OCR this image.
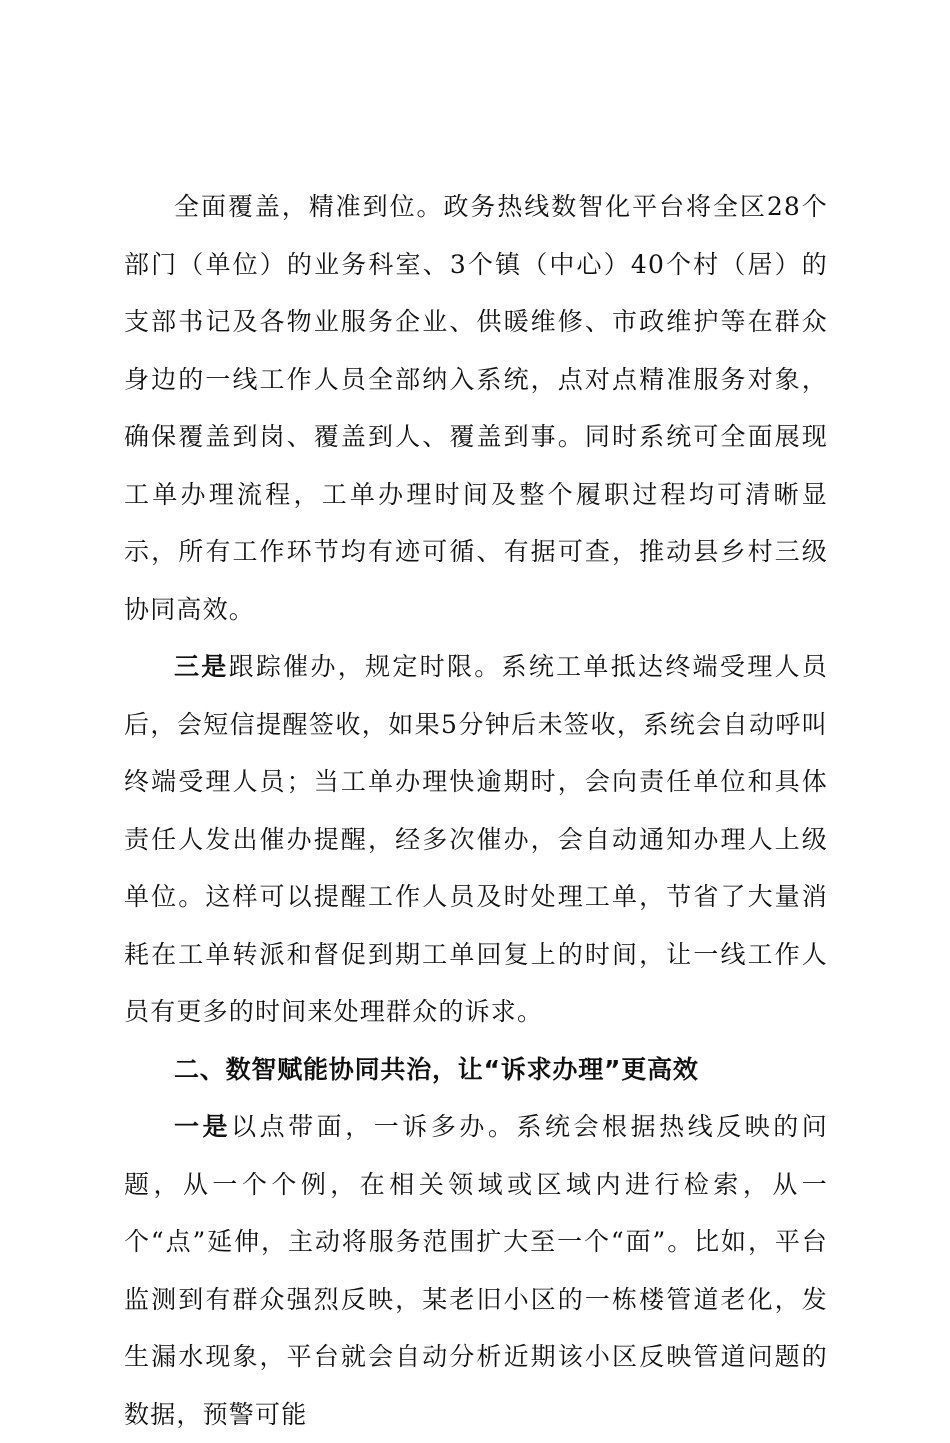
全面覆盖，精准到位。政务热线数智化平台将全区28个部门（单位）的业务科室、3个镇（中心）40个村（居）的支部书记及各物业服务企业、供暖维修、市政维护等在群众身边的一线工作人员全部纳入系统，点对点精准服务对象，确保覆盖到岗、覆盖到人、覆盖到事。同时系统可全面展现工单办理流程，工单办理时间及整个履职过程均可清晰显示，所有工作环节均有迹可循、有据可查，推动县乡村三级协同高效。

三是跟踪催办，规定时限。系统工单抵达终端受理人员后，会短信提醒签收，如果5分钟后未签收，系统会自动呼叫终端受理人员；当工单办理快逾期时，会向责任单位和具体责任人发出催办提醒，经多次催办，会自动通知办理人上级单位。这样可以提醒工作人员及时处理工单，节省了大量消耗在工单转派和督促到期工单回复上的时间，让一线工作人员有更多的时间来处理群众的诉求。

二、数智赋能协同共治，让“诉求办理”更高效

一是以点带面，一诉多办。系统会根据热线反映的问题，从一个个例，在相关领域或区域内进行检索，从一个“点”延伸，主动将服务范围扩大至一个“面”。比如，平台监测到有群众强烈反映，某老旧小区的一栋楼管道老化，发生漏水现象，平台就会自动分析近期该小区反映管道问题的数据，预警可能
